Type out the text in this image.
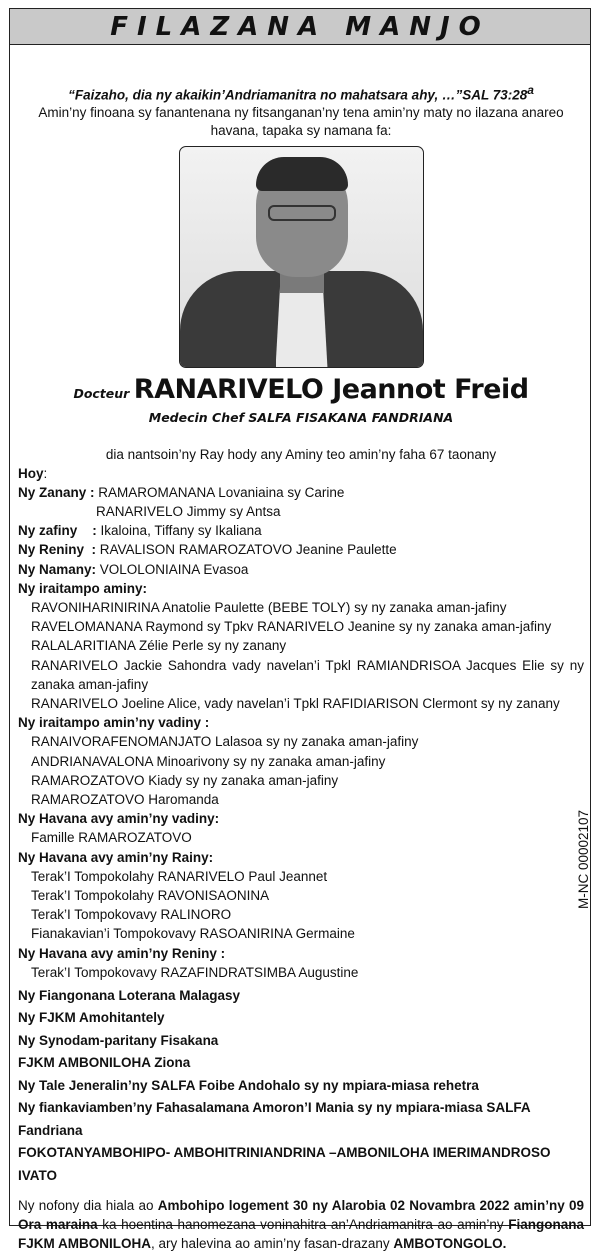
FILAZANA MANJO
“Faizaho, dia ny akaikin’Andriamanitra no mahatsara ahy, …”SAL 73:28$^a$
Amin’ny finoana sy fanantenana ny fitsanganan’ny tena amin’ny maty no ilazana anareo havana, tapaka sy namana fa:
Docteur RANARIVELO Jeannot Freid
Medecin Chef SALFA FISAKANA FANDRIANA
dia nantsoin’ny Ray hody any Aminy teo amin’ny faha 67 taonany
Hoy:
Ny Zanany : RAMAROMANANA Lovaniaina sy Carine
RANARIVELO Jimmy sy Antsa
Ny zafiny    : Ikaloina, Tiffany sy Ikaliana
Ny Reniny  : RAVALISON RAMAROZATOVO Jeanine Paulette
Ny Namany: VOLOLONIAINA Evasoa
Ny iraitampo aminy:
RAVONIHARINIRINA Anatolie Paulette (BEBE TOLY) sy ny zanaka aman-jafiny
RAVELOMANANA Raymond sy Tpkv RANARIVELO Jeanine sy ny zanaka aman-jafiny
RALALARITIANA Zélie Perle sy ny zanany
RANARIVELO Jackie Sahondra vady navelan’i Tpkl RAMIANDRISOA Jacques Elie sy ny zanaka aman-jafiny
RANARIVELO Joeline Alice, vady navelan’i Tpkl RAFIDIARISON Clermont sy ny zanany
Ny iraitampo amin’ny vadiny :
RANAIVORAFENOMANJATO Lalasoa sy ny zanaka aman-jafiny
ANDRIANAVALONA Minoarivony sy ny zanaka aman-jafiny
RAMAROZATOVO Kiady sy ny zanaka aman-jafiny
RAMAROZATOVO Haromanda
Ny Havana avy amin’ny vadiny:
Famille RAMAROZATOVO
Ny Havana avy amin’ny Rainy:
Terak’I Tompokolahy RANARIVELO Paul Jeannet
Terak’I Tompokolahy RAVONISAONINA
Terak’I Tompokovavy RALINORO
Fianakavian’i Tompokovavy RASOANIRINA Germaine
Ny Havana avy amin’ny Reniny :
Terak’I Tompokovavy RAZAFINDRATSIMBA Augustine
Ny Fiangonana Loterana Malagasy
Ny FJKM Amohitantely
Ny Synodam-paritany Fisakana
FJKM AMBONILOHA Ziona
Ny Tale Jeneralin’ny SALFA Foibe Andohalo sy ny mpiara-miasa rehetra
Ny fiankaviamben’ny Fahasalamana Amoron’I Mania sy ny mpiara-miasa SALFA Fandriana
FOKOTANYAMBOHIPO- AMBOHITRINIANDRINA –AMBONILOHA IMERIMANDROSO IVATO
Ny nofony dia hiala ao Ambohipo logement 30 ny Alarobia 02 Novambra 2022 amin’ny 09 Ora maraina ka hoentina hanomezana voninahitra an’Andriamanitra ao amin’ny Fiangonana FJKM AMBONILOHA, ary halevina ao amin’ny fasan-drazany AMBOTONGOLO.
M-NC 00002107
